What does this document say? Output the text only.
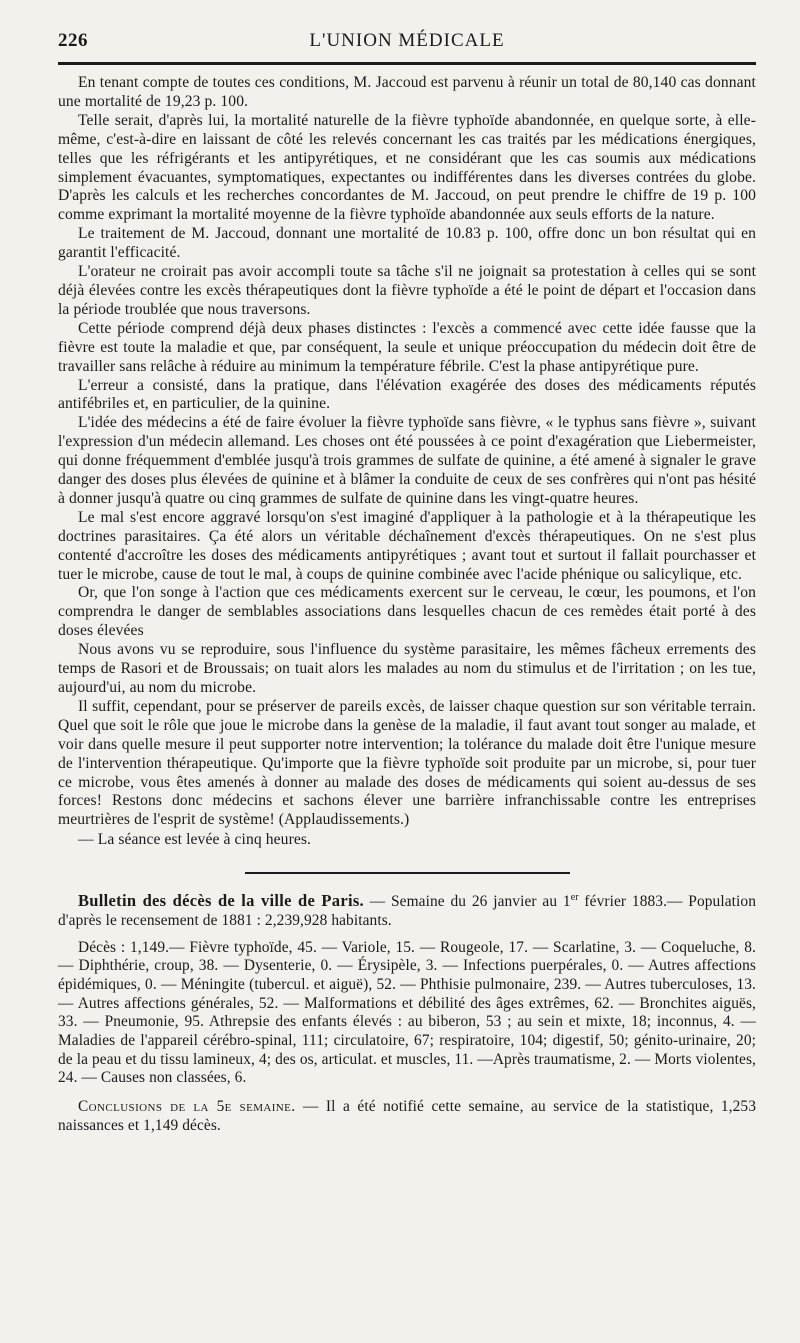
226	L'UNION MÉDICALE

En tenant compte de toutes ces conditions, M. Jaccoud est parvenu à réunir un total de 80,140 cas donnant une mortalité de 19,23 p. 100.

Telle serait, d'après lui, la mortalité naturelle de la fièvre typhoïde abandonnée, en quelque sorte, à elle-même, c'est-à-dire en laissant de côté les relevés concernant les cas traités par les médications énergiques, telles que les réfrigérants et les antipyrétiques, et ne considérant que les cas soumis aux médications simplement évacuantes, symptomatiques, expectantes ou indifférentes dans les diverses contrées du globe. D'après les calculs et les recherches concordantes de M. Jaccoud, on peut prendre le chiffre de 19 p. 100 comme exprimant la mortalité moyenne de la fièvre typhoïde abandonnée aux seuls efforts de la nature.

Le traitement de M. Jaccoud, donnant une mortalité de 10.83 p. 100, offre donc un bon résultat qui en garantit l'efficacité.

L'orateur ne croirait pas avoir accompli toute sa tâche s'il ne joignait sa protestation à celles qui se sont déjà élevées contre les excès thérapeutiques dont la fièvre typhoïde a été le point de départ et l'occasion dans la période troublée que nous traversons.

Cette période comprend déjà deux phases distinctes : l'excès a commencé avec cette idée fausse que la fièvre est toute la maladie et que, par conséquent, la seule et unique préoccupation du médecin doit être de travailler sans relâche à réduire au minimum la température fébrile. C'est la phase antipyrétique pure.

L'erreur a consisté, dans la pratique, dans l'élévation exagérée des doses des médicaments réputés antifébriles et, en particulier, de la quinine.

L'idée des médecins a été de faire évoluer la fièvre typhoïde sans fièvre, « le typhus sans fièvre », suivant l'expression d'un médecin allemand. Les choses ont été poussées à ce point d'exagération que Liebermeister, qui donne fréquemment d'emblée jusqu'à trois grammes de sulfate de quinine, a été amené à signaler le grave danger des doses plus élevées de quinine et à blâmer la conduite de ceux de ses confrères qui n'ont pas hésité à donner jusqu'à quatre ou cinq grammes de sulfate de quinine dans les vingt-quatre heures.

Le mal s'est encore aggravé lorsqu'on s'est imaginé d'appliquer à la pathologie et à la thérapeutique les doctrines parasitaires. Ça été alors un véritable déchaînement d'excès thérapeutiques. On ne s'est plus contenté d'accroître les doses des médicaments antipyrétiques ; avant tout et surtout il fallait pourchasser et tuer le microbe, cause de tout le mal, à coups de quinine combinée avec l'acide phénique ou salicylique, etc.

Or, que l'on songe à l'action que ces médicaments exercent sur le cerveau, le cœur, les poumons, et l'on comprendra le danger de semblables associations dans lesquelles chacun de ces remèdes était porté à des doses élevées

Nous avons vu se reproduire, sous l'influence du système parasitaire, les mêmes fâcheux errements des temps de Rasori et de Broussais; on tuait alors les malades au nom du stimulus et de l'irritation ; on les tue, aujourd'ui, au nom du microbe.

Il suffit, cependant, pour se préserver de pareils excès, de laisser chaque question sur son véritable terrain. Quel que soit le rôle que joue le microbe dans la genèse de la maladie, il faut avant tout songer au malade, et voir dans quelle mesure il peut supporter notre intervention; la tolérance du malade doit être l'unique mesure de l'intervention thérapeutique. Qu'importe que la fièvre typhoïde soit produite par un microbe, si, pour tuer ce microbe, vous êtes amenés à donner au malade des doses de médicaments qui soient au-dessus de ses forces! Restons donc médecins et sachons élever une barrière infranchissable contre les entreprises meurtrières de l'esprit de système! (Applaudissements.)

— La séance est levée à cinq heures.

Bulletin des décès de la ville de Paris. — Semaine du 26 janvier au 1er février 1883.— Population d'après le recensement de 1881 : 2,239,928 habitants.

Décès : 1,149.— Fièvre typhoïde, 45. — Variole, 15. — Rougeole, 17. — Scarlatine, 3. — Coqueluche, 8. — Diphthérie, croup, 38. — Dysenterie, 0. — Érysipèle, 3. — Infections puerpérales, 0. — Autres affections épidémiques, 0. — Méningite (tubercul. et aiguë), 52. — Phthisie pulmonaire, 239. — Autres tuberculoses, 13. — Autres affections générales, 52. — Malformations et débilité des âges extrêmes, 62. — Bronchites aiguës, 33. — Pneumonie, 95. Athrepsie des enfants élevés : au biberon, 53 ; au sein et mixte, 18; inconnus, 4. — Maladies de l'appareil cérébro-spinal, 111; circulatoire, 67; respiratoire, 104; digestif, 50; génito-urinaire, 20; de la peau et du tissu lamineux, 4; des os, articulat. et muscles, 11. —Après traumatisme, 2. — Morts violentes, 24. — Causes non classées, 6.

Conclusions de la 5e semaine. — Il a été notifié cette semaine, au service de la statistique, 1,253 naissances et 1,149 décès.
